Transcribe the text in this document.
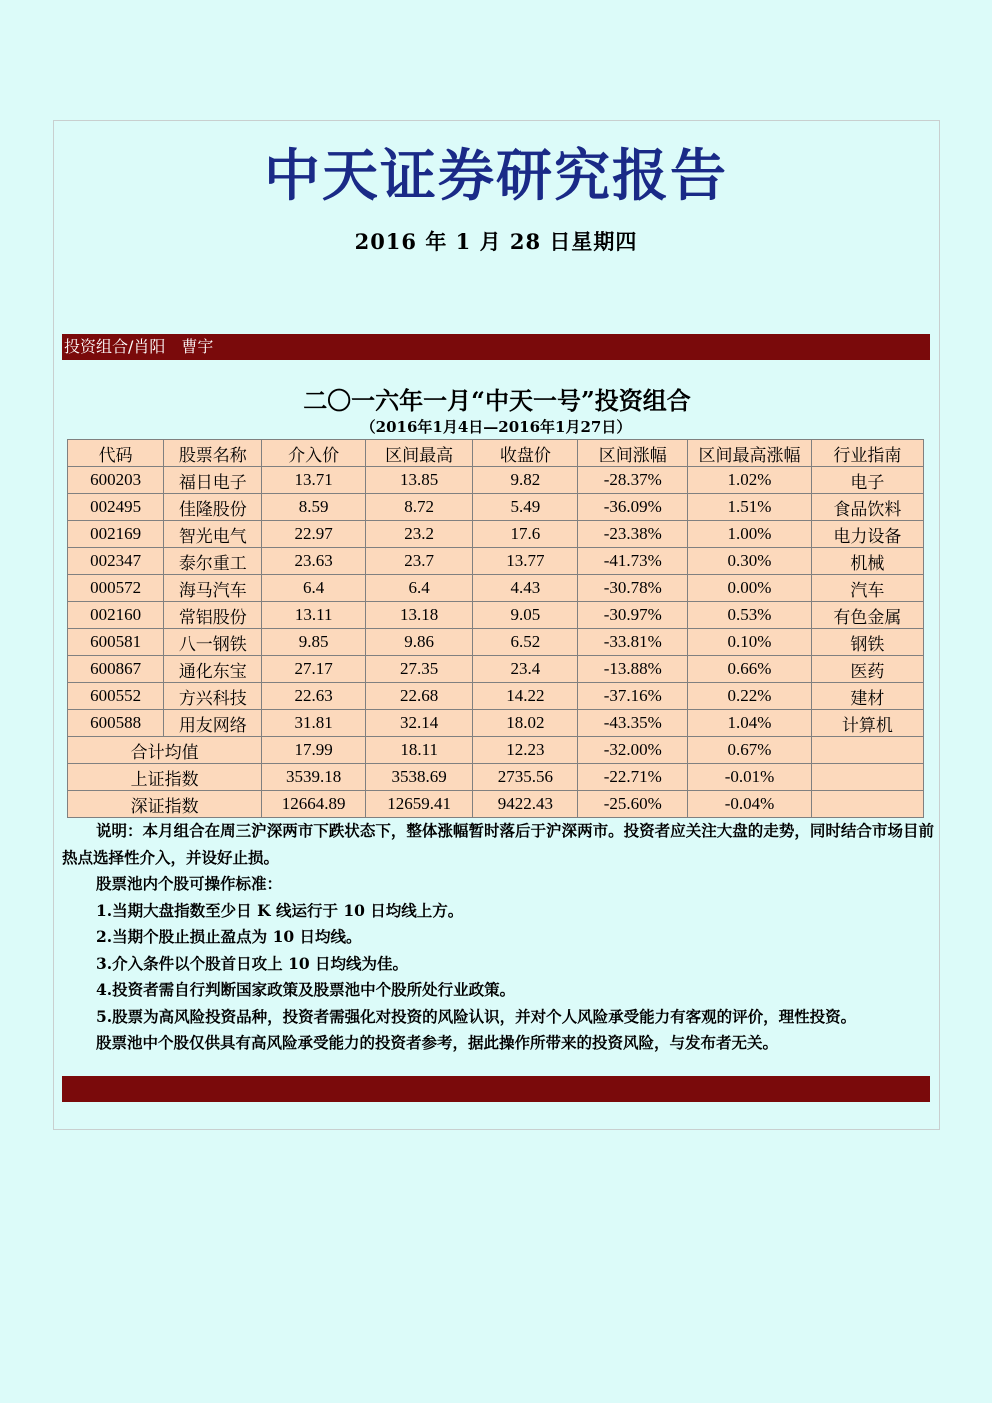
中天证券研究报告
2016 年 1 月 28 日星期四
投资组合/肖阳　曹宇
二〇一六年一月“中天一号”投资组合
（2016年1月4日—2016年1月27日）
代码	股票名称	介入价	区间最高	收盘价	区间涨幅	区间最高涨幅	行业指南
600203	福日电子	13.71	13.85	9.82	-28.37%	1.02%	电子
002495	佳隆股份	8.59	8.72	5.49	-36.09%	1.51%	食品饮料
002169	智光电气	22.97	23.2	17.6	-23.38%	1.00%	电力设备
002347	泰尔重工	23.63	23.7	13.77	-41.73%	0.30%	机械
000572	海马汽车	6.4	6.4	4.43	-30.78%	0.00%	汽车
002160	常铝股份	13.11	13.18	9.05	-30.97%	0.53%	有色金属
600581	八一钢铁	9.85	9.86	6.52	-33.81%	0.10%	钢铁
600867	通化东宝	27.17	27.35	23.4	-13.88%	0.66%	医药
600552	方兴科技	22.63	22.68	14.22	-37.16%	0.22%	建材
600588	用友网络	31.81	32.14	18.02	-43.35%	1.04%	计算机
合计均值		17.99	18.11	12.23	-32.00%	0.67%	
上证指数		3539.18	3538.69	2735.56	-22.71%	-0.01%	
深证指数		12664.89	12659.41	9422.43	-25.60%	-0.04%	

说明：本月组合在周三沪深两市下跌状态下，整体涨幅暂时落后于沪深两市。投资者应关注大盘的走势，同时结合市场目前热点选择性介入，并设好止损。

股票池内个股可操作标准：

1.当期大盘指数至少日 K 线运行于 10 日均线上方。

2.当期个股止损止盈点为 10 日均线。

3.介入条件以个股首日攻上 10 日均线为佳。

4.投资者需自行判断国家政策及股票池中个股所处行业政策。

5.股票为高风险投资品种，投资者需强化对投资的风险认识，并对个人风险承受能力有客观的评价，理性投资。

股票池中个股仅供具有高风险承受能力的投资者参考，据此操作所带来的投资风险，与发布者无关。
